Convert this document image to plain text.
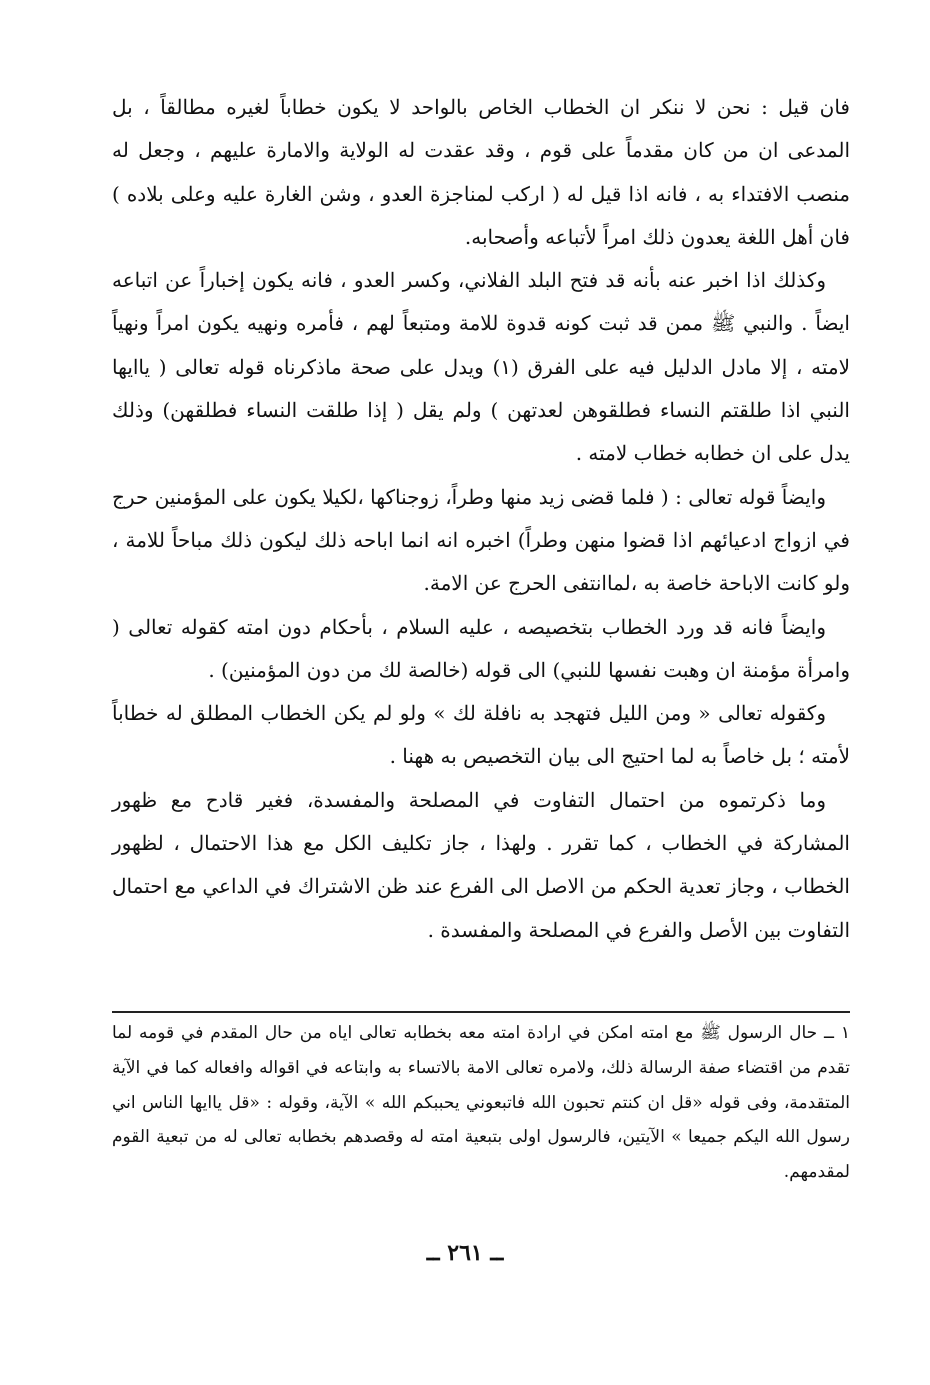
فان قيل : نحن لا ننكر ان الخطاب الخاص بالواحد لا يكون خطاباً لغيره مطالقاً ، بل المدعى ان من كان مقدماً على قوم ، وقد عقدت له الولاية والامارة عليهم ، وجعل له منصب الافتداء به ، فانه اذا قيل له ( اركب لمناجزة العدو ، وشن الغارة عليه وعلى بلاده ) فان أهل اللغة يعدون ذلك امراً لأتباعه وأصحابه.

وكذلك اذا اخبر عنه بأنه قد فتح البلد الفلاني، وكسر العدو ، فانه يكون إخباراً عن اتباعه ايضاً . والنبي ﷺ ممن قد ثبت كونه قدوة للامة ومتبعاً لهم ، فأمره ونهيه يكون امراً ونهياً لامته ، إلا مادل الدليل فيه على الفرق (١) ويدل على صحة ماذكرناه قوله تعالى ( ياايها النبي اذا طلقتم النساء فطلقوهن لعدتهن ) ولم يقل ( إذا طلقت النساء فطلقهن) وذلك يدل على ان خطابه خطاب لامته .

وايضاً قوله تعالى : ( فلما قضى زيد منها وطراً، زوجناكها ،لكيلا يكون على المؤمنين حرج في ازواج ادعيائهم اذا قضوا منهن وطراً) اخبره انه انما اباحه ذلك ليكون ذلك مباحاً للامة ، ولو كانت الاباحة خاصة به ،لماانتفى الحرج عن الامة.

وايضاً فانه قد ورد الخطاب بتخصيصه ، عليه السلام ، بأحكام دون امته كقوله تعالى ( وامرأة مؤمنة ان وهبت نفسها للنبي) الى قوله (خالصة لك من دون المؤمنين) .

وكقوله تعالى « ومن الليل فتهجد به نافلة لك » ولو لم يكن الخطاب المطلق له خطاباً لأمته ؛ بل خاصاً به لما احتيج الى بيان التخصيص به ههنا .

وما ذكرتموه من احتمال التفاوت في المصلحة والمفسدة، فغير قادح مع ظهور المشاركة في الخطاب ، كما تقرر . ولهذا ، جاز تكليف الكل مع هذا الاحتمال ، لظهور الخطاب ، وجاز تعدية الحكم من الاصل الى الفرع عند ظن الاشتراك في الداعي مع احتمال التفاوت بين الأصل والفرع في المصلحة والمفسدة .

١ ــ حال الرسول ﷺ مع امته امكن في ارادة امته معه بخطابه تعالى اياه من حال المقدم في قومه لما تقدم من اقتضاء صفة الرسالة ذلك، ولامره تعالى الامة بالاتساء به وابتاعه في اقواله وافعاله كما في الآية المتقدمة، وفى قوله «قل ان كنتم تحبون الله فاتبعوني يحببكم الله » الآية، وقوله : «قل ياايها الناس اني رسول الله اليكم جميعا » الآيتين، فالرسول اولى بتبعية امته له وقصدهم بخطابه تعالى له من تبعية القوم لمقدمهم.

ــ ٢٦١ ــ
